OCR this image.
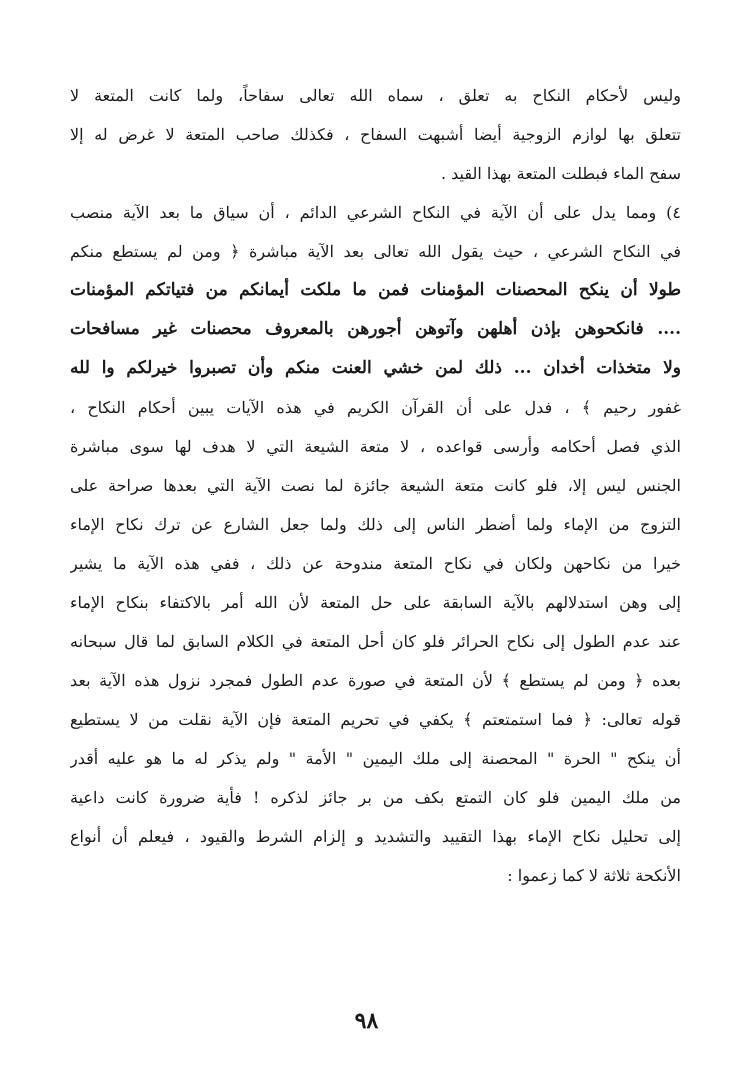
وليس لأحكام النكاح به تعلق ، سماه الله تعالى سفاحاً، ولما كانت المتعة لا
تتعلق بها لوازم الزوجية أيضا أشبهت السفاح ، فكذلك صاحب المتعة لا غرض له إلا
سفح الماء فبطلت المتعة بهذا القيد .
٤) ومما يدل على أن الآية في النكاح الشرعي الدائم ، أن سياق ما بعد الآية منصب
في النكاح الشرعي ، حيث يقول الله تعالى بعد الآية مباشرة ﴿ ومن لم يستطع منكم
طولا أن ينكح المحصنات المؤمنات فمن ما ملكت أيمانكم من فتياتكم المؤمنات
.... فانكحوهن بإذن أهلهن وآتوهن أجورهن بالمعروف محصنات غير مسافحات
ولا متخذات أخدان ... ذلك لمن خشي العنت منكم وأن تصبروا خيرلكم وا لله
غفور رحيم ﴾ ، فدل على أن القرآن الكريم في هذه الآيات يبين أحكام النكاح ،
الذي فصل أحكامه وأرسى قواعده ، لا متعة الشيعة التي لا هدف لها سوى مباشرة
الجنس ليس إلا، فلو كانت متعة الشيعة جائزة لما نصت الآية التي بعدها صراحة على
التزوج من الإماء ولما أضطر الناس إلى ذلك ولما جعل الشارع عن ترك نكاح الإماء
خيرا من نكاحهن ولكان في نكاح المتعة مندوحة عن ذلك ، ففي هذه الآية ما يشير
إلى وهن استدلالهم بالآية السابقة على حل المتعة لأن الله أمر بالاكتفاء بنكاح الإماء
عند عدم الطول إلى نكاح الحرائر فلو كان أحل المتعة في الكلام السابق لما قال سبحانه
بعده ﴿ ومن لم يستطع ﴾ لأن المتعة في صورة عدم الطول فمجرد نزول هذه الآية بعد
قوله تعالى: ﴿ فما استمتعتم ﴾ يكفي في تحريم المتعة فإن الآية نقلت من لا يستطيع
أن ينكح " الحرة " المحصنة إلى ملك اليمين " الأمة " ولم يذكر له ما هو عليه أقدر
من ملك اليمين فلو كان التمتع بكف من بر جائز لذكره ! فأية ضرورة كانت داعية
إلى تحليل نكاح الإماء بهذا التقييد والتشديد و إلزام الشرط والقيود ، فيعلم أن أنواع
الأنكحة ثلاثة لا كما زعموا :
٩٨
